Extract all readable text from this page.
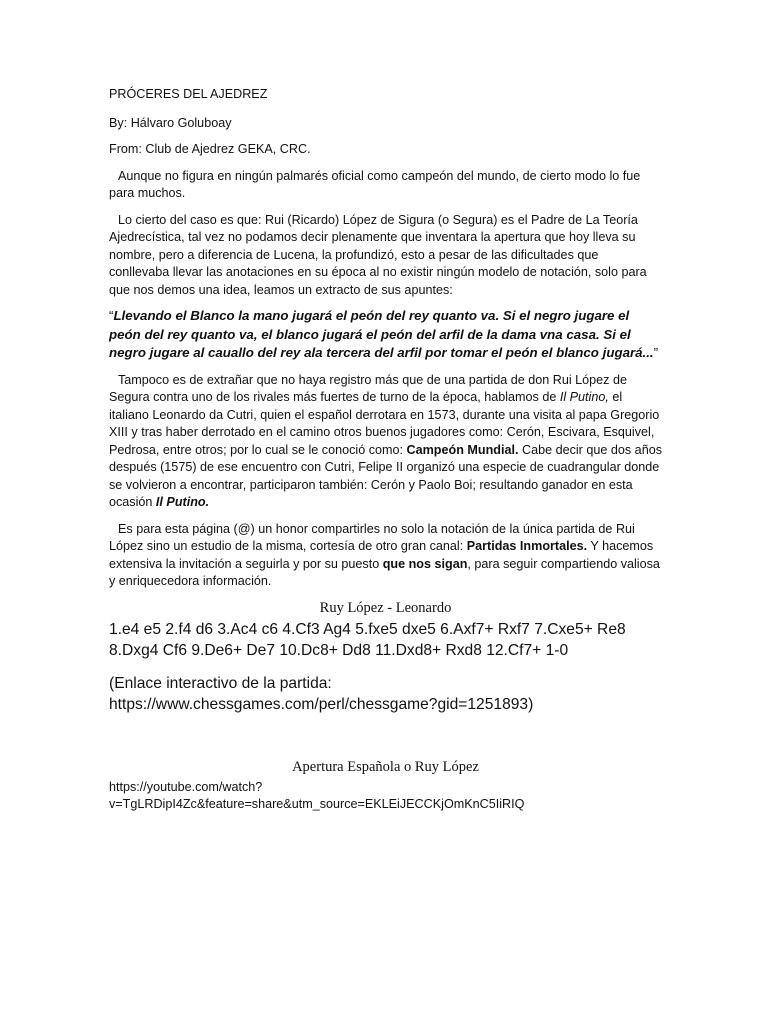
PRÓCERES DEL AJEDREZ

By: Hálvaro Goluboay

From: Club de Ajedrez GEKA, CRC.

Aunque no figura en ningún palmarés oficial como campeón del mundo, de cierto modo lo fue para muchos.

Lo cierto del caso es que: Rui (Ricardo) López de Sigura (o Segura) es el Padre de La Teoría Ajedrecística, tal vez no podamos decir plenamente que inventara la apertura que hoy lleva su nombre, pero a diferencia de Lucena, la profundizó, esto a pesar de las dificultades que conllevaba llevar las anotaciones en su época al no existir ningún modelo de notación, solo para que nos demos una idea, leamos un extracto de sus apuntes:

“Llevando el Blanco la mano jugará el peón del rey quanto va. Si el negro jugare el peón del rey quanto va, el blanco jugará el peón del arfil de la dama vna casa. Si el negro jugare al cauallo del rey ala tercera del arfil por tomar el peón el blanco jugará...”

Tampoco es de extrañar que no haya registro más que de una partida de don Rui López de Segura contra uno de los rivales más fuertes de turno de la época, hablamos de Il Putino, el italiano Leonardo da Cutri, quien el español derrotara en 1573, durante una visita al papa Gregorio XIII y tras haber derrotado en el camino otros buenos jugadores como: Cerón, Escivara, Esquivel, Pedrosa, entre otros; por lo cual se le conoció como: Campeón Mundial. Cabe decir que dos años después (1575) de ese encuentro con Cutri, Felipe II organizó una especie de cuadrangular donde se volvieron a encontrar, participaron también: Cerón y Paolo Boi; resultando ganador en esta ocasión Il Putino.

Es para esta página (@) un honor compartirles no solo la notación de la única partida de Rui López sino un estudio de la misma, cortesía de otro gran canal: Partidas Inmortales. Y hacemos extensiva la invitación a seguirla y por su puesto que nos sigan, para seguir compartiendo valiosa y enriquecedora información.

Ruy López - Leonardo

1.e4 e5 2.f4 d6 3.Ac4 c6 4.Cf3 Ag4 5.fxe5 dxe5 6.Axf7+ Rxf7 7.Cxe5+ Re8 8.Dxg4 Cf6 9.De6+ De7 10.Dc8+ Dd8 11.Dxd8+ Rxd8 12.Cf7+ 1-0

(Enlace interactivo de la partida:
https://www.chessgames.com/perl/chessgame?gid=1251893)

Apertura Española o Ruy López

https://youtube.com/watch?
v=TgLRDipI4Zc&feature=share&utm_source=EKLEiJECCKjOmKnC5IiRIQ
